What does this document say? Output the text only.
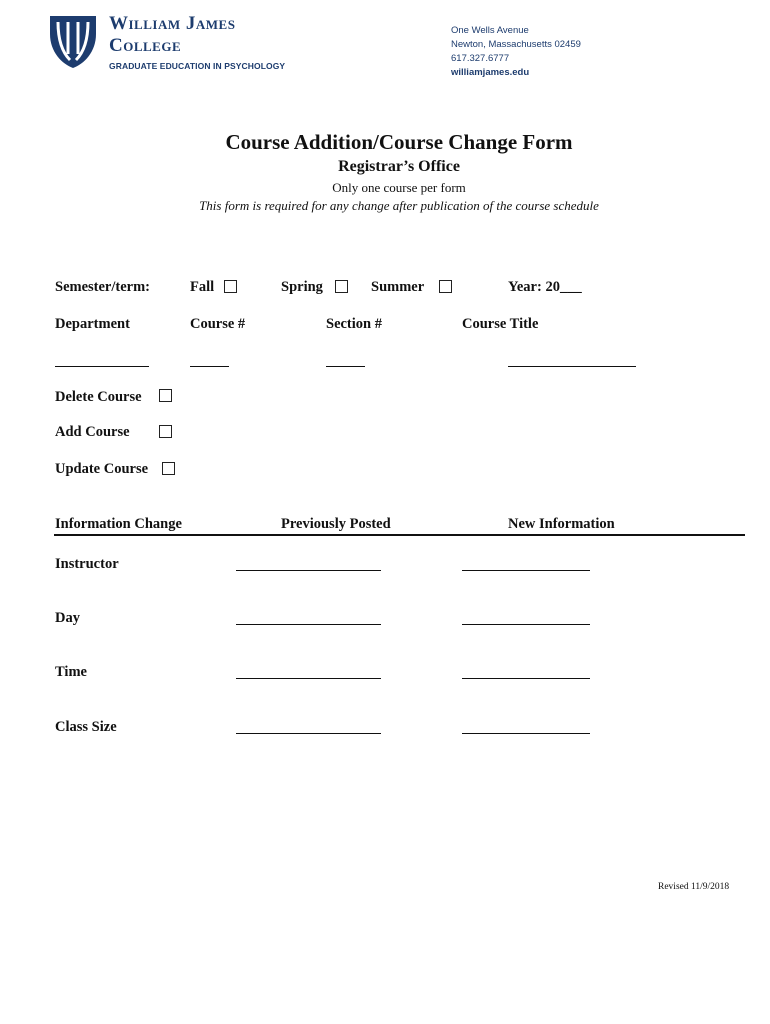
William James
College
GRADUATE EDUCATION IN PSYCHOLOGY
One Wells Avenue
Newton, Massachusetts 02459
617.327.6777
williamjames.edu
Course Addition/Course Change Form
Registrar’s Office
Only one course per form
This form is required for any change after publication of the course schedule
Semester/term:	Fall	Spring	Summer	Year: 20___
Department	Course #	Section #	Course Title
Delete Course
Add Course
Update Course
Information Change	Previously Posted	New Information
Instructor
Day
Time
Class Size
Revised 11/9/2018
